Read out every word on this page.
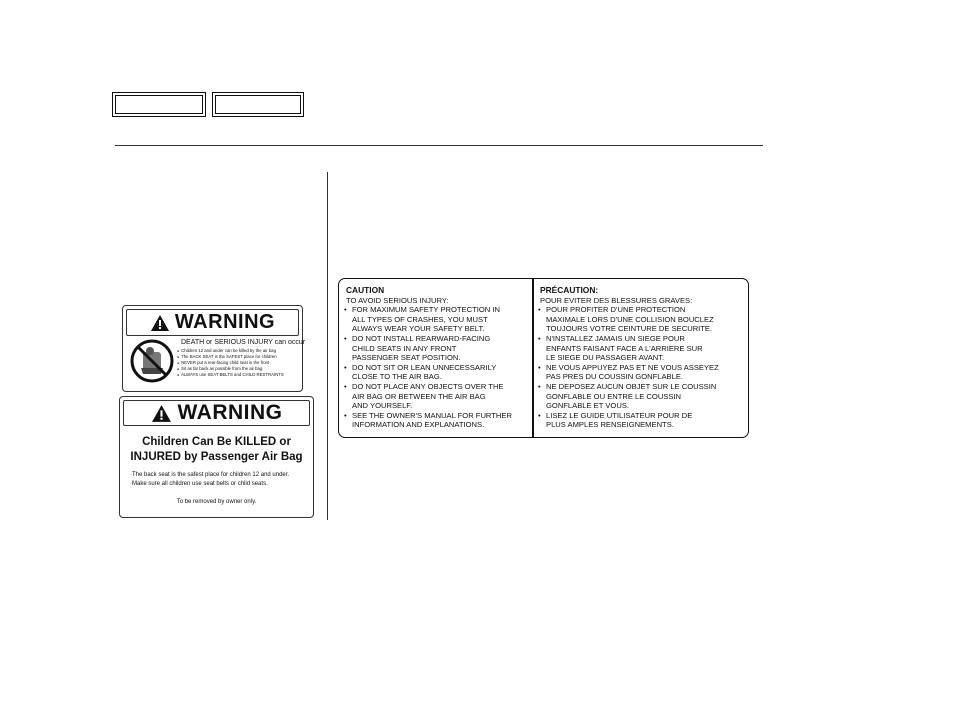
WARNING
DEATH or SERIOUS INJURY can occur
● Children 12 and under can be killed by the air bag
● The BACK SEAT is the SAFEST place for children
● NEVER put a rear-facing child seat in the front
● Sit as far back as possible from the air bag
● ALWAYS use SEAT BELTS and CHILD RESTRAINTS
WARNING
Children Can Be KILLED or
INJURED by Passenger Air Bag
· The back seat is the safest place for children 12 and under.
· Make sure all children use seat belts or child seats.
To be removed by owner only.
CAUTION
TO AVOID SERIOUS INJURY:
• FOR MAXIMUM SAFETY PROTECTION IN
ALL TYPES OF CRASHES, YOU MUST
ALWAYS WEAR YOUR SAFETY BELT.
• DO NOT INSTALL REARWARD-FACING
CHILD SEATS IN ANY FRONT
PASSENGER SEAT POSITION.
• DO NOT SIT OR LEAN UNNECESSARILY
CLOSE TO THE AIR BAG.
• DO NOT PLACE ANY OBJECTS OVER THE
AIR BAG OR BETWEEN THE AIR BAG
AND YOURSELF.
• SEE THE OWNER'S MANUAL FOR FURTHER
INFORMATION AND EXPLANATIONS.
PRÉCAUTION:
POUR EVITER DES BLESSURES GRAVES:
• POUR PROFITER D'UNE PROTECTION
MAXIMALE LORS D'UNE COLLISION BOUCLEZ
TOUJOURS VOTRE CEINTURE DE SECURITE.
• N'INSTALLEZ JAMAIS UN SIEGE POUR
ENFANTS FAISANT FACE A L'ARRIERE SUR
LE SIEGE DU PASSAGER AVANT.
• NE VOUS APPUYEZ PAS ET NE VOUS ASSEYEZ
PAS PRES DU COUSSIN GONFLABLE.
• NE DEPOSEZ AUCUN OBJET SUR LE COUSSIN
GONFLABLE OU ENTRE LE COUSSIN
GONFLABLE ET VOUS.
• LISEZ LE GUIDE UTILISATEUR POUR DE
PLUS AMPLES RENSEIGNEMENTS.
